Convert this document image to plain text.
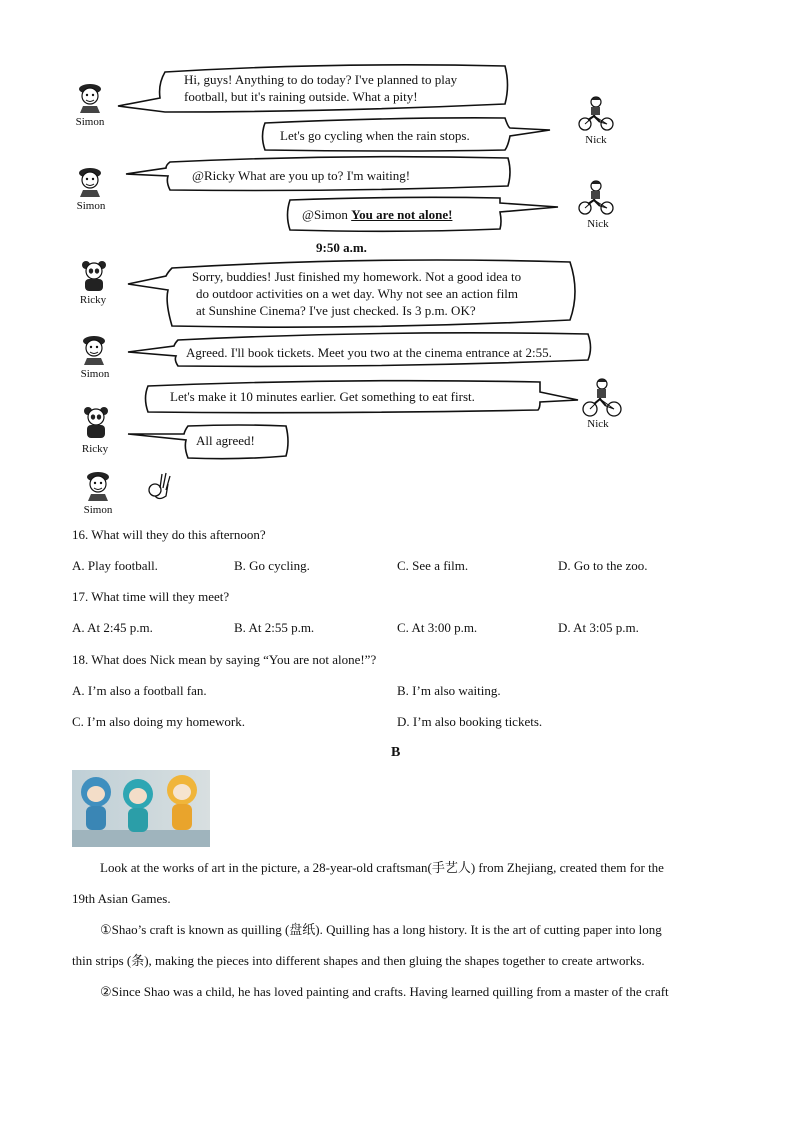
Simon
Simon
Ricky
Simon
Ricky
Simon
Nick
Nick
Nick
Hi, guys! Anything to do today? I've planned to play
football, but it's raining outside. What a pity!
Let's go cycling when the rain stops.
@Ricky What are you up to? I'm waiting!
@Simon You are not alone!
9:50 a.m.
Sorry, buddies! Just finished my homework. Not a good idea to
do outdoor activities on a wet day. Why not see an action film
at Sunshine Cinema? I've just checked. Is 3 p.m. OK?
Agreed. I'll book tickets. Meet you two at the cinema entrance at 2:55.
Let's make it 10 minutes earlier. Get something to eat first.
All agreed!
16. What will they do this afternoon?
A. Play football.	B. Go cycling.	C. See a film.	D. Go to the zoo.
17. What time will they meet?
A. At 2:45 p.m.	B. At 2:55 p.m.	C. At 3:00 p.m.	D. At 3:05 p.m.
18. What does Nick mean by saying “You are not alone!”?
A. I’m also a football fan.	B. I’m also waiting.
C. I’m also doing my homework.	D. I’m also booking tickets.
B
Look at the works of art in the picture, a 28-year-old craftsman(手艺人) from Zhejiang, created them for the
19th Asian Games.
①Shao’s craft is known as quilling (盘纸). Quilling has a long history. It is the art of cutting paper into long
thin strips (条), making the pieces into different shapes and then gluing the shapes together to create artworks.
②Since Shao was a child, he has loved painting and crafts. Having learned quilling from a master of the craft
